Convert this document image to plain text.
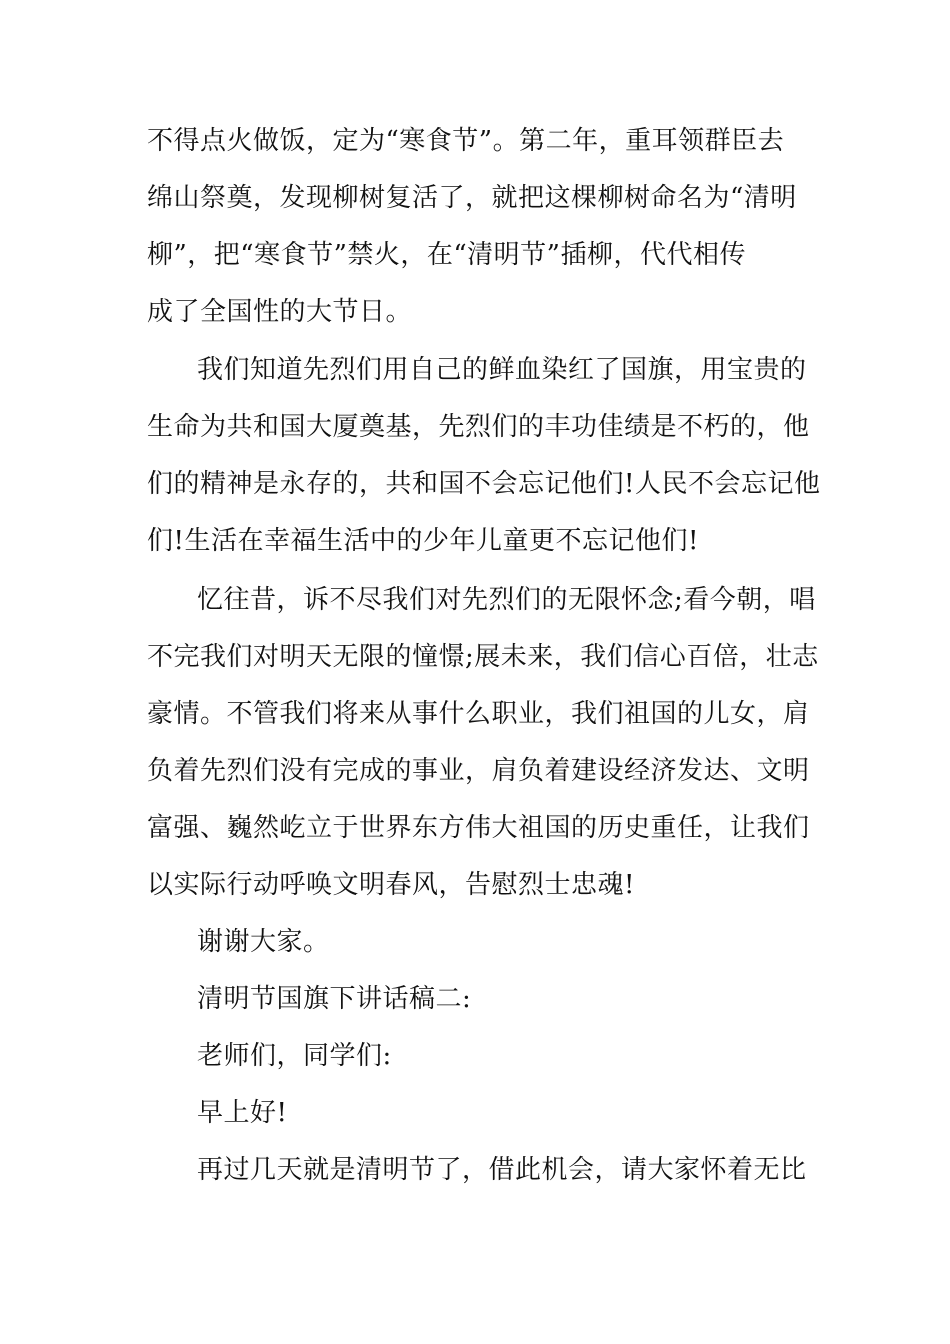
不得点火做饭，定为“寒食节”。第二年，重耳领群臣去
绵山祭奠，发现柳树复活了，就把这棵柳树命名为“清明
柳”，把“寒食节”禁火，在“清明节”插柳，代代相传
成了全国性的大节日。
我们知道先烈们用自己的鲜血染红了国旗，用宝贵的
生命为共和国大厦奠基，先烈们的丰功佳绩是不朽的，他
们的精神是永存的，共和国不会忘记他们!人民不会忘记他
们!生活在幸福生活中的少年儿童更不忘记他们!
忆往昔，诉不尽我们对先烈们的无限怀念;看今朝，唱
不完我们对明天无限的憧憬;展未来，我们信心百倍，壮志
豪情。不管我们将来从事什么职业，我们祖国的儿女，肩
负着先烈们没有完成的事业，肩负着建设经济发达、文明
富强、巍然屹立于世界东方伟大祖国的历史重任，让我们
以实际行动呼唤文明春风，告慰烈士忠魂!
谢谢大家。
清明节国旗下讲话稿二:
老师们，同学们:
早上好!
再过几天就是清明节了，借此机会，请大家怀着无比
